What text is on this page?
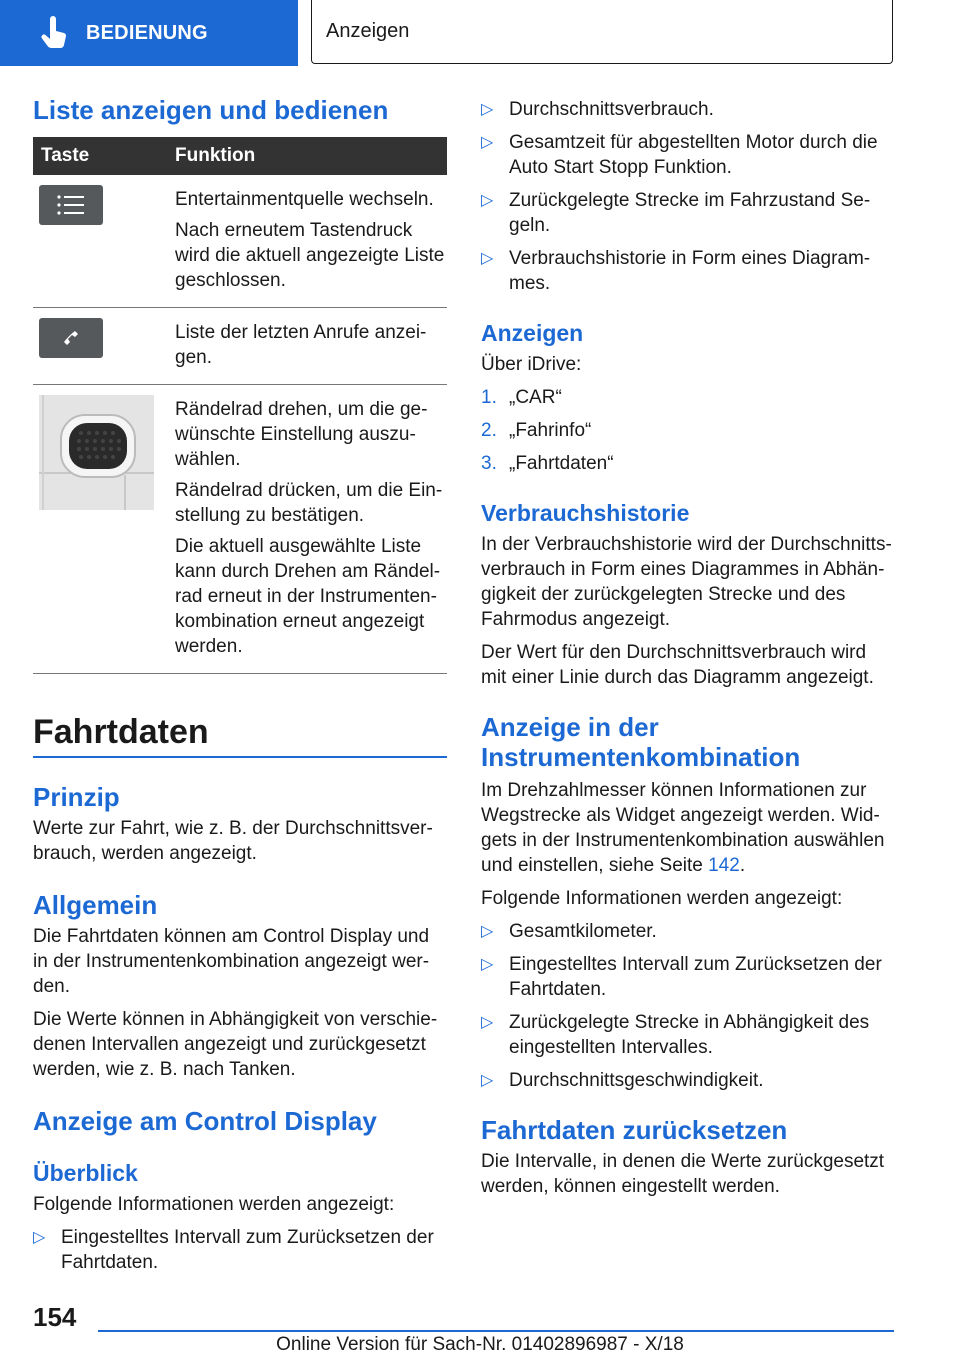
BEDIENUNG	Anzeigen
Liste anzeigen und bedienen
Taste	Funktion

Entertainmentquelle wechseln.
Nach erneutem Tastendruck wird die aktuell angezeigte Liste geschlossen.

Liste der letzten Anrufe anzei-gen.

Rändelrad drehen, um die ge-wünschte Einstellung auszu-wählen.
Rändelrad drücken, um die Ein-stellung zu bestätigen.
Die aktuell ausgewählte Liste kann durch Drehen am Rändel-rad erneut in der Instrumenten-kombination erneut angezeigt werden.
Fahrtdaten
Prinzip

Werte zur Fahrt, wie z. B. der Durchschnittsver-brauch, werden angezeigt.

Allgemein

Die Fahrtdaten können am Control Display und in der Instrumentenkombination angezeigt wer-den.

Die Werte können in Abhängigkeit von verschie-denen Intervallen angezeigt und zurückgesetzt werden, wie z. B. nach Tanken.

Anzeige am Control Display
Überblick

Folgende Informationen werden angezeigt:

▷ Eingestelltes Intervall zum Zurücksetzen der Fahrtdaten.
▷ Durchschnittsverbrauch.
▷ Gesamtzeit für abgestellten Motor durch die Auto Start Stopp Funktion.
▷ Zurückgelegte Strecke im Fahrzustand Se-geln.
▷ Verbrauchshistorie in Form eines Diagram-mes.
Anzeigen

Über iDrive:

1. „CAR“
2. „Fahrinfo“
3. „Fahrtdaten“
Verbrauchshistorie

In der Verbrauchshistorie wird der Durchschnitts-verbrauch in Form eines Diagrammes in Abhän-gigkeit der zurückgelegten Strecke und des Fahrmodus angezeigt.

Der Wert für den Durchschnittsverbrauch wird mit einer Linie durch das Diagramm angezeigt.

Anzeige in der
Instrumentenkombination

Im Drehzahlmesser können Informationen zur Wegstrecke als Widget angezeigt werden. Wid-gets in der Instrumentenkombination auswählen und einstellen, siehe Seite 142.

Folgende Informationen werden angezeigt:

▷ Gesamtkilometer.
▷ Eingestelltes Intervall zum Zurücksetzen der Fahrtdaten.
▷ Zurückgelegte Strecke in Abhängigkeit des eingestellten Intervalles.
▷ Durchschnittsgeschwindigkeit.
Fahrtdaten zurücksetzen

Die Intervalle, in denen die Werte zurückgesetzt werden, können eingestellt werden.

154
Online Version für Sach-Nr. 01402896987 - X/18
